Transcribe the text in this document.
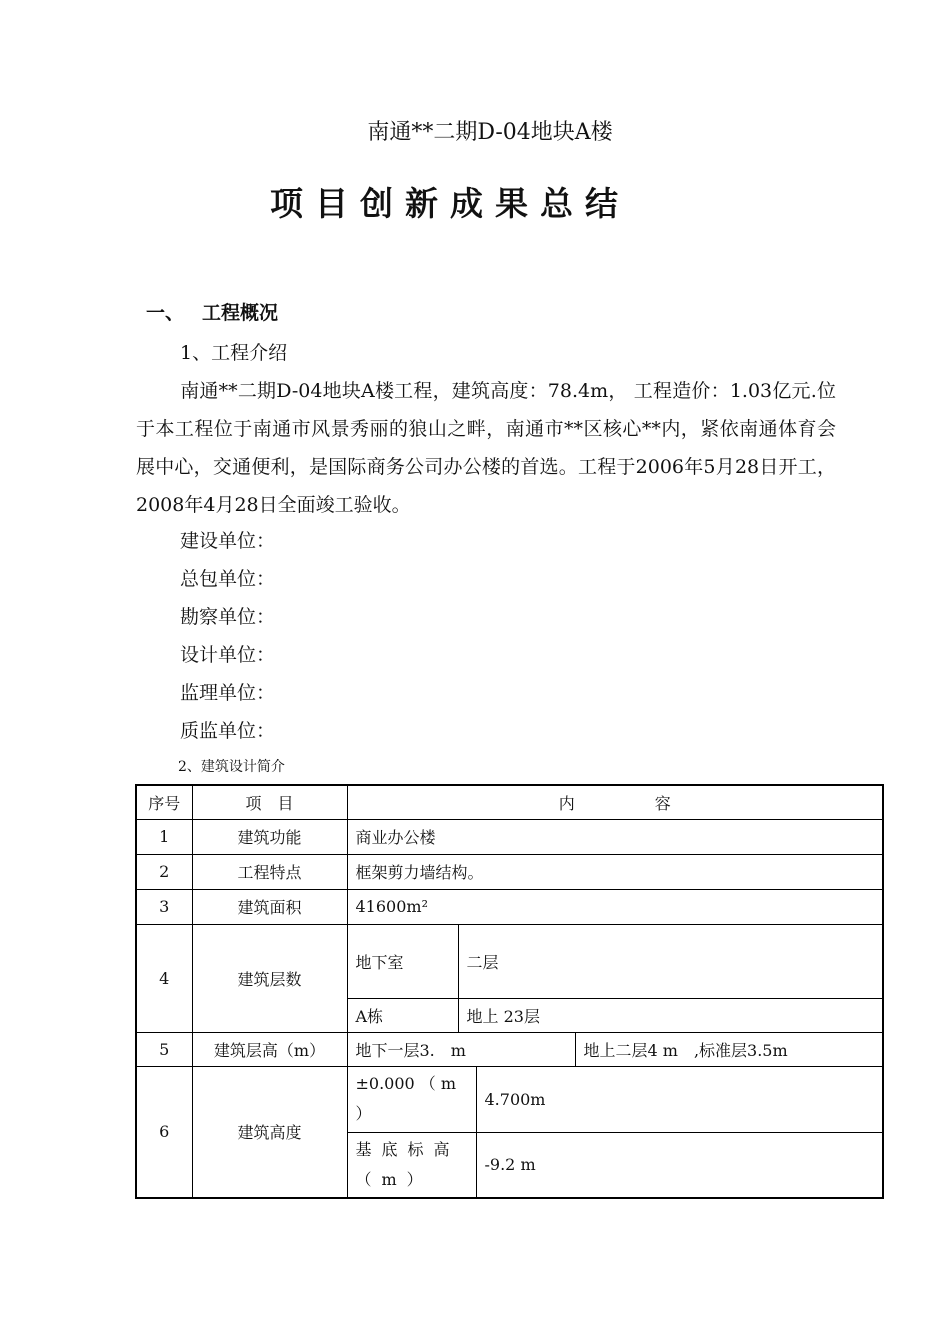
南通**二期D-04地块A楼
项目创新成果总结
一、 工程概况
1、工程介绍
南通**二期D-04地块A楼工程，建筑高度：78.4m， 工程造价：1.03亿元.位于本工程位于南通市风景秀丽的狼山之畔，南通市**区核心**内，紧依南通体育会展中心，交通便利，是国际商务公司办公楼的首选。工程于2006年5月28日开工，2008年4月28日全面竣工验收。
建设单位：
总包单位：
勘察单位：
设计单位：
监理单位：
质监单位：
2、建筑设计简介
序号	项　目	内　　　　　容			
1	建筑功能	商业办公楼			
2	工程特点	框架剪力墙结构。			
3	建筑面积	41600m²			
4	建筑层数	地下室	二层		
		A栋	地上 23层		
5	建筑层高（m）	地下一层3.　m			地上二层4 m　,标准层3.5m
6	建筑高度	±0.000 （ m ）		4.700m	
		基底标高（m）		-9.2 m	
